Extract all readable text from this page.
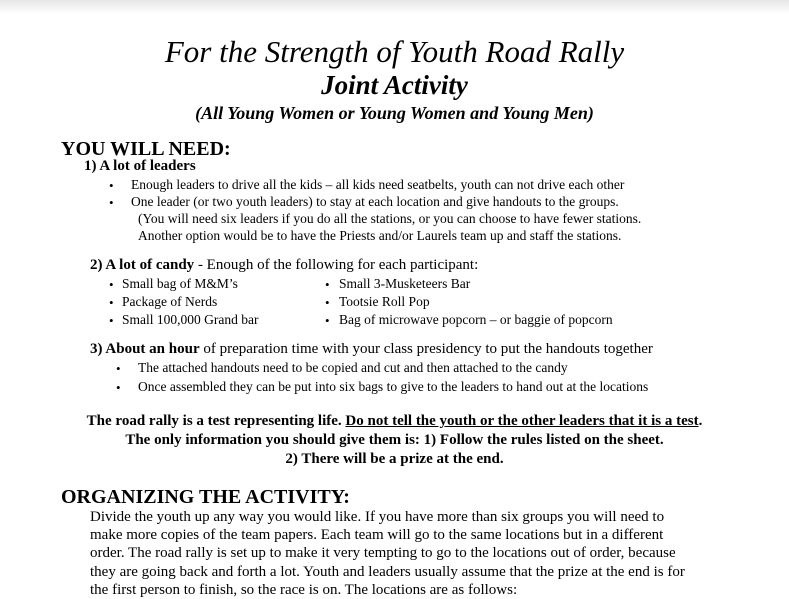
For the Strength of Youth Road Rally
Joint Activity
(All Young Women or Young Women and Young Men)
YOU WILL NEED:
1) A lot of leaders
• Enough leaders to drive all the kids – all kids need seatbelts, youth can not drive each other
• One leader (or two youth leaders) to stay at each location and give handouts to the groups.
(You will need six leaders if you do all the stations, or you can choose to have fewer stations.
Another option would be to have the Priests and/or Laurels team up and staff the stations.
2) A lot of candy - Enough of the following for each participant:
• Small bag of M&M’s
• Package of Nerds
• Small 100,000 Grand bar
• Small 3-Musketeers Bar
• Tootsie Roll Pop
• Bag of microwave popcorn – or baggie of popcorn
3) About an hour of preparation time with your class presidency to put the handouts together
• The attached handouts need to be copied and cut and then attached to the candy
• Once assembled they can be put into six bags to give to the leaders to hand out at the locations
The road rally is a test representing life. Do not tell the youth or the other leaders that it is a test.
The only information you should give them is: 1) Follow the rules listed on the sheet.
2) There will be a prize at the end.
ORGANIZING THE ACTIVITY:

Divide the youth up any way you would like. If you have more than six groups you will need to

make more copies of the team papers. Each team will go to the same locations but in a different

order. The road rally is set up to make it very tempting to go to the locations out of order, because

they are going back and forth a lot. Youth and leaders usually assume that the prize at the end is for

the first person to finish, so the race is on. The locations are as follows:
